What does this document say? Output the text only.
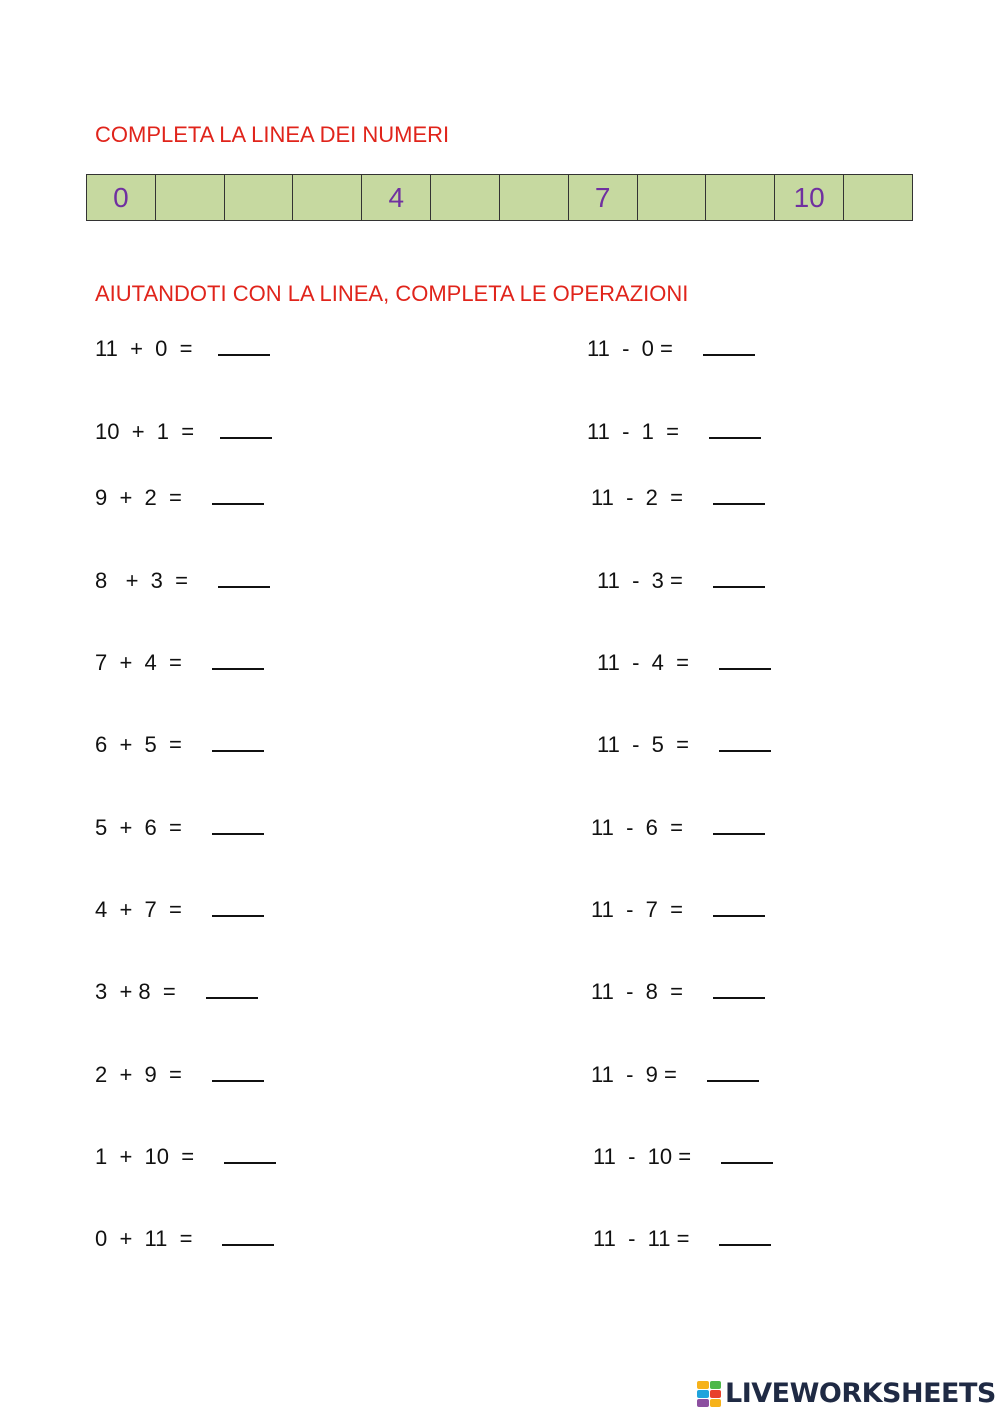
COMPLETA LA LINEA DEI NUMERI
0	4	7	10
AIUTANDOTI CON LA LINEA, COMPLETA LE OPERAZIONI
11  +  0  =
10  +  1  =
9  +  2  =
8   +  3  =
7  +  4  =
6  +  5  =
5  +  6  =
4  +  7  =
3  + 8  =
2  +  9  =
1  +  10  =
0  +  11  =
11  -  0 =
11  -  1  =
11  -  2  =
11  -  3 =
11  -  4  =
11  -  5  =
11  -  6  =
11  -  7  =
11  -  8  =
11  -  9 =
11  -  10 =
11  -  11 =
LIVEWORKSHEETS
